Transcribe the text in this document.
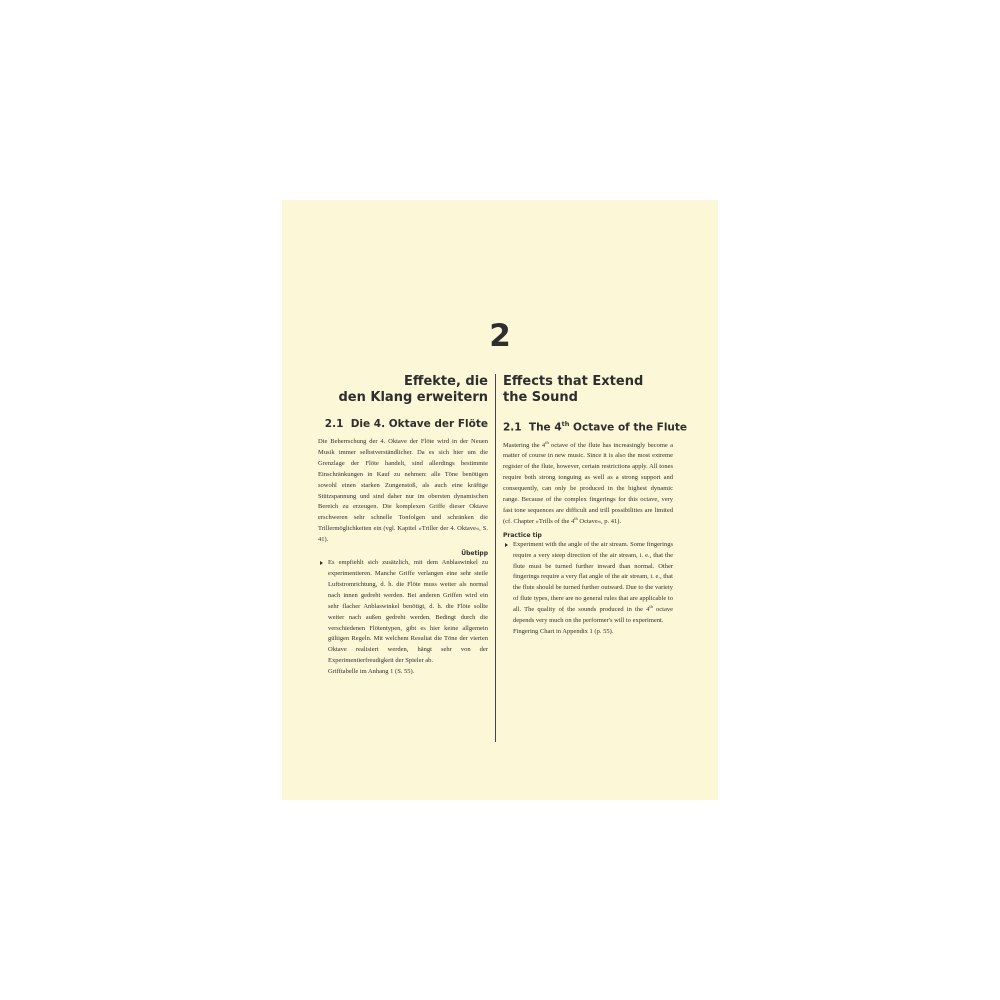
2
Effekte, die
den Klang erweitern
2.1 Die 4. Oktave der Flöte
Die Beherrschung der 4. Oktave der Flöte wird in der Neuen Musik immer selbstverständlicher. Da es sich hier um die Grenzlage der Flöte handelt, sind allerdings bestimmte Einschränkungen in Kauf zu nehmen: alle Töne benötigen sowohl einen starken Zungenstoß, als auch eine kräftige Stützspannung und sind daher nur im obersten dynamischen Bereich zu erzeugen. Die komplexen Griffe dieser Oktave erschweren sehr schnelle Tonfolgen und schränken die Trillermöglichkeiten ein (vgl. Kapitel »Triller der 4. Oktave«, S. 41).
Übetipp
Es empfiehlt sich zusätzlich, mit dem Anblaswinkel zu experimentieren. Manche Griffe verlangen eine sehr steile Luftstromrichtung, d. h. die Flöte muss weiter als normal nach innen gedreht werden. Bei anderen Griffen wird ein sehr flacher Anblaswinkel benötigt, d. h. die Flöte sollte weiter nach außen gedreht werden. Bedingt durch die verschiedenen Flötentypen, gibt es hier keine allgemein gültigen Regeln. Mit welchem Resultat die Töne der vierten Oktave realisiert werden, hängt sehr von der Experimentierfreudigkeit der Spieler ab.
Grifftabelle im Anhang 1 (S. 55).
Effects that Extend
the Sound
2.1 The 4th Octave of the Flute
Mastering the 4th octave of the flute has increasingly become a matter of course in new music. Since it is also the most extreme register of the flute, however, certain restrictions apply. All tones require both strong tonguing as well as a strong support and consequently, can only be produced in the highest dynamic range. Because of the complex fingerings for this octave, very fast tone sequences are difficult and trill possibilities are limited (cf. Chapter »Trills of the 4th Octave«, p. 41).
Practice tip
Experiment with the angle of the air stream. Some fingerings require a very steep direction of the air stream, i. e., that the flute must be turned further inward than normal. Other fingerings require a very flat angle of the air stream, i. e., that the flute should be turned further outward. Due to the variety of flute types, there are no general rules that are applicable to all. The quality of the sounds produced in the 4th octave depends very much on the performer's will to experiment.
Fingering Chart in Appendix 1 (p. 55).
